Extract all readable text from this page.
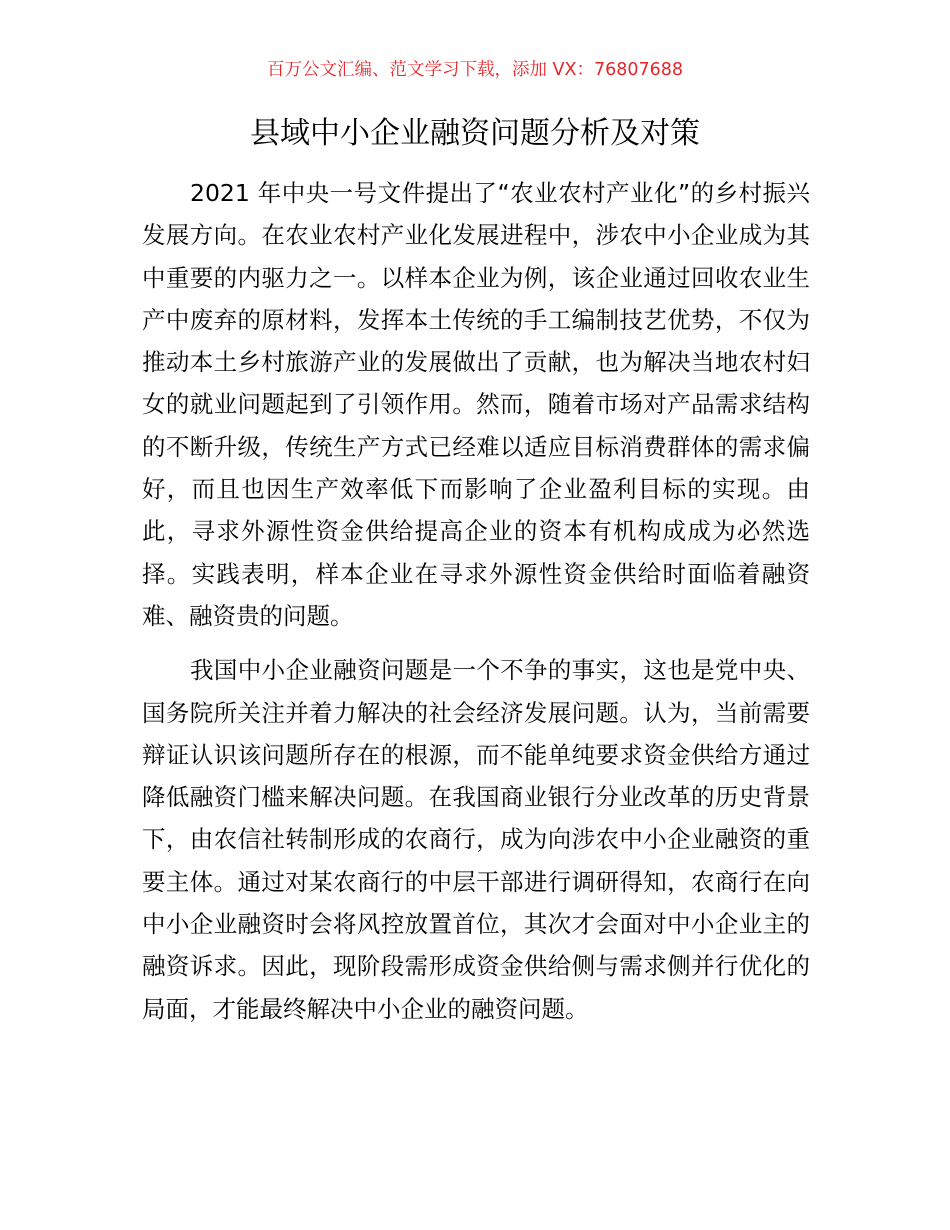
百万公文汇编、范文学习下载，添加 VX：76807688
县域中小企业融资问题分析及对策

2021 年中央一号文件提出了“农业农村产业化”的乡村振兴发展方向。在农业农村产业化发展进程中，涉农中小企业成为其中重要的内驱力之一。以样本企业为例，该企业通过回收农业生产中废弃的原材料，发挥本土传统的手工编制技艺优势，不仅为推动本土乡村旅游产业的发展做出了贡献，也为解决当地农村妇女的就业问题起到了引领作用。然而，随着市场对产品需求结构的不断升级，传统生产方式已经难以适应目标消费群体的需求偏好，而且也因生产效率低下而影响了企业盈利目标的实现。由此，寻求外源性资金供给提高企业的资本有机构成成为必然选择。实践表明，样本企业在寻求外源性资金供给时面临着融资难、融资贵的问题。

我国中小企业融资问题是一个不争的事实，这也是党中央、国务院所关注并着力解决的社会经济发展问题。认为，当前需要辩证认识该问题所存在的根源，而不能单纯要求资金供给方通过降低融资门槛来解决问题。在我国商业银行分业改革的历史背景下，由农信社转制形成的农商行，成为向涉农中小企业融资的重要主体。通过对某农商行的中层干部进行调研得知，农商行在向中小企业融资时会将风控放置首位，其次才会面对中小企业主的融资诉求。因此，现阶段需形成资金供给侧与需求侧并行优化的局面，才能最终解决中小企业的融资问题。
